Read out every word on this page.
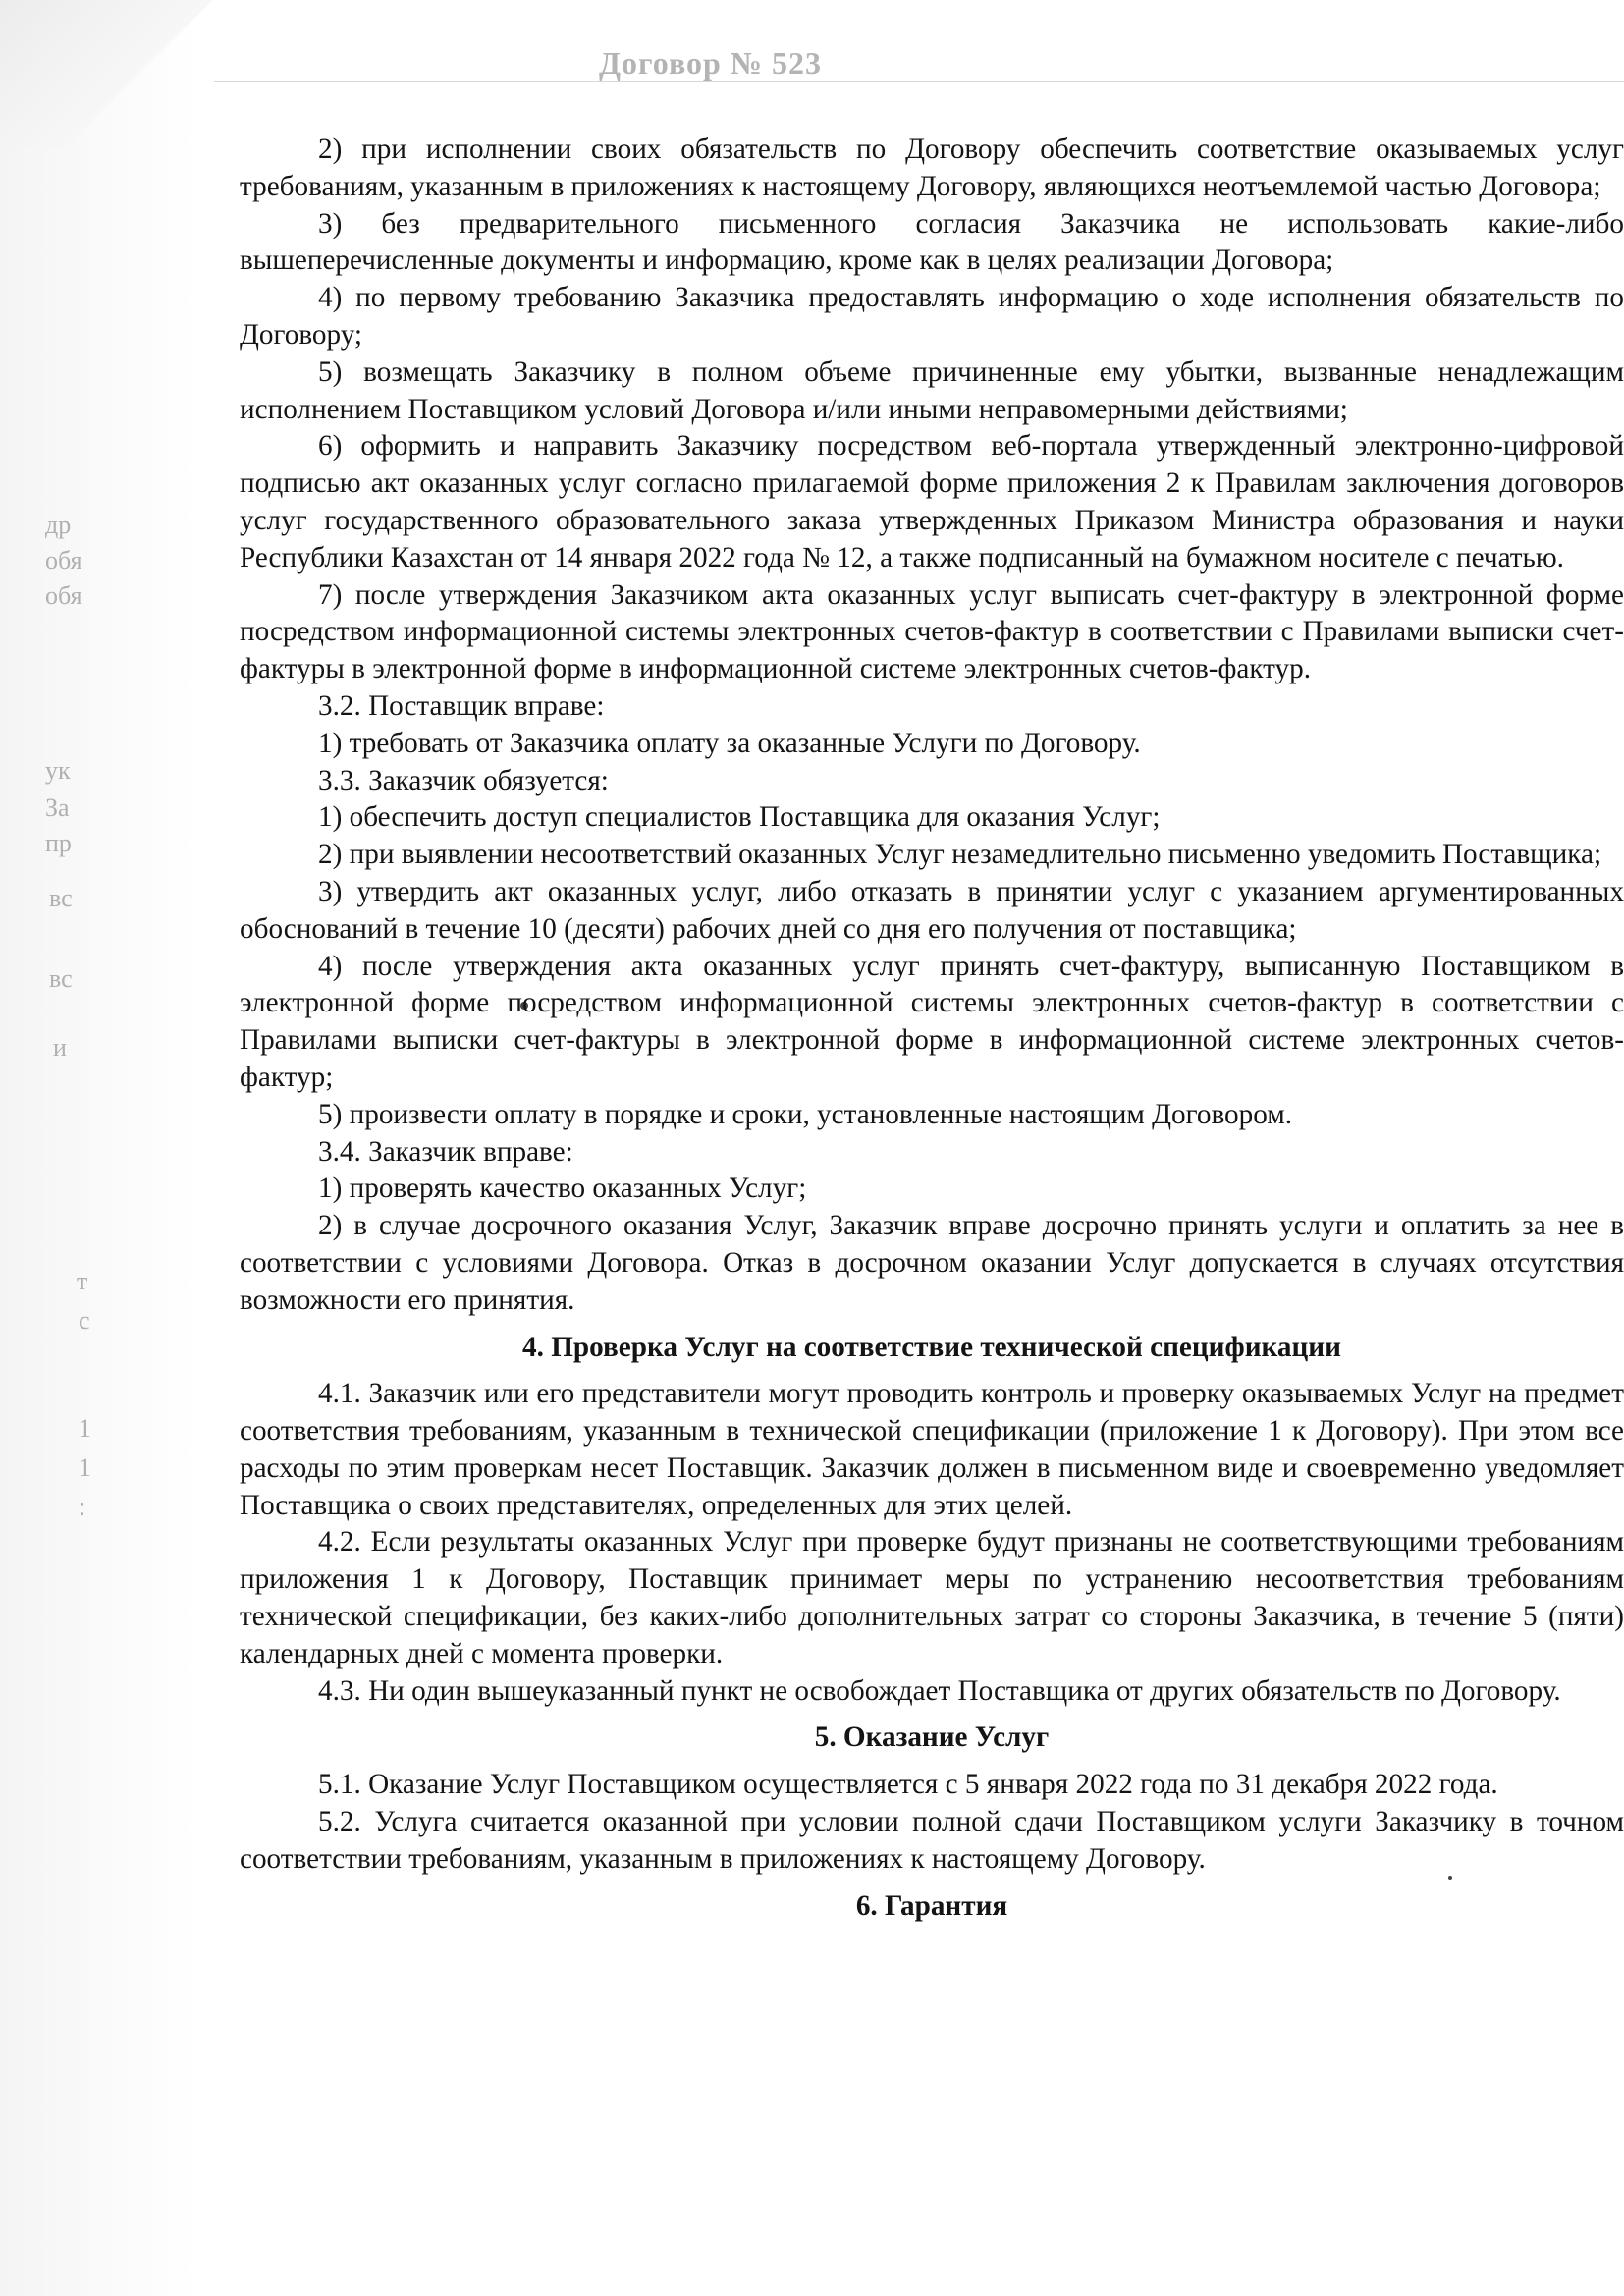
Договор № 523
др
обя
обя
ук
За
пр
вс
вс
и
т
с
1
1
:

2) при исполнении своих обязательств по Договору обеспечить соответствие оказываемых услуг требованиям, указанным в приложениях к настоящему Договору, являющихся неотъемлемой частью Договора;

3) без предварительного письменного согласия Заказчика не использовать какие-либо вышеперечисленные документы и информацию, кроме как в целях реализации Договора;

4) по первому требованию Заказчика предоставлять информацию о ходе исполнения обязательств по Договору;

5) возмещать Заказчику в полном объеме причиненные ему убытки, вызванные ненадлежащим исполнением Поставщиком условий Договора и/или иными неправомерными действиями;

6) оформить и направить Заказчику посредством веб-портала утвержденный электронно-цифровой подписью акт оказанных услуг согласно прилагаемой форме приложения 2 к Правилам заключения договоров услуг государственного образовательного заказа утвержденных Приказом Министра образования и науки Республики Казахстан от 14 января 2022 года № 12, а также подписанный на бумажном носителе с печатью.

7) после утверждения Заказчиком акта оказанных услуг выписать счет-фактуру в электронной форме посредством информационной системы электронных счетов-фактур в соответствии с Правилами выписки счет-фактуры в электронной форме в информационной системе электронных счетов-фактур.

3.2. Поставщик вправе:

1) требовать от Заказчика оплату за оказанные Услуги по Договору.

3.3. Заказчик обязуется:

1) обеспечить доступ специалистов Поставщика для оказания Услуг;

2) при выявлении несоответствий оказанных Услуг незамедлительно письменно уведомить Поставщика;

3) утвердить акт оказанных услуг, либо отказать в принятии услуг с указанием аргументированных обоснований в течение 10 (десяти) рабочих дней со дня его получения от поставщика;

4) после утверждения акта оказанных услуг принять счет-фактуру, выписанную Поставщиком в электронной форме посредством информационной системы электронных счетов-фактур в соответствии с Правилами выписки счет-фактуры в электронной форме в информационной системе электронных счетов-фактур;

5) произвести оплату в порядке и сроки, установленные настоящим Договором.

3.4. Заказчик вправе:

1) проверять качество оказанных Услуг;

2) в случае досрочного оказания Услуг, Заказчик вправе досрочно принять услуги и оплатить за нее в соответствии с условиями Договора. Отказ в досрочном оказании Услуг допускается в случаях отсутствия возможности его принятия.

4. Проверка Услуг на соответствие технической спецификации

4.1. Заказчик или его представители могут проводить контроль и проверку оказываемых Услуг на предмет соответствия требованиям, указанным в технической спецификации (приложение 1 к Договору). При этом все расходы по этим проверкам несет Поставщик. Заказчик должен в письменном виде и своевременно уведомляет Поставщика о своих представителях, определенных для этих целей.

4.2. Если результаты оказанных Услуг при проверке будут признаны не соответствующими требованиям приложения 1 к Договору, Поставщик принимает меры по устранению несоответствия требованиям технической спецификации, без каких-либо дополнительных затрат со стороны Заказчика, в течение 5 (пяти) календарных дней с момента проверки.

4.3. Ни один вышеуказанный пункт не освобождает Поставщика от других обязательств по Договору.

5. Оказание Услуг

5.1. Оказание Услуг Поставщиком осуществляется с 5 января 2022 года по 31 декабря 2022 года.

5.2. Услуга считается оказанной при условии полной сдачи Поставщиком услуги Заказчику в точном соответствии требованиям, указанным в приложениях к настоящему Договору.

6. Гарантия
